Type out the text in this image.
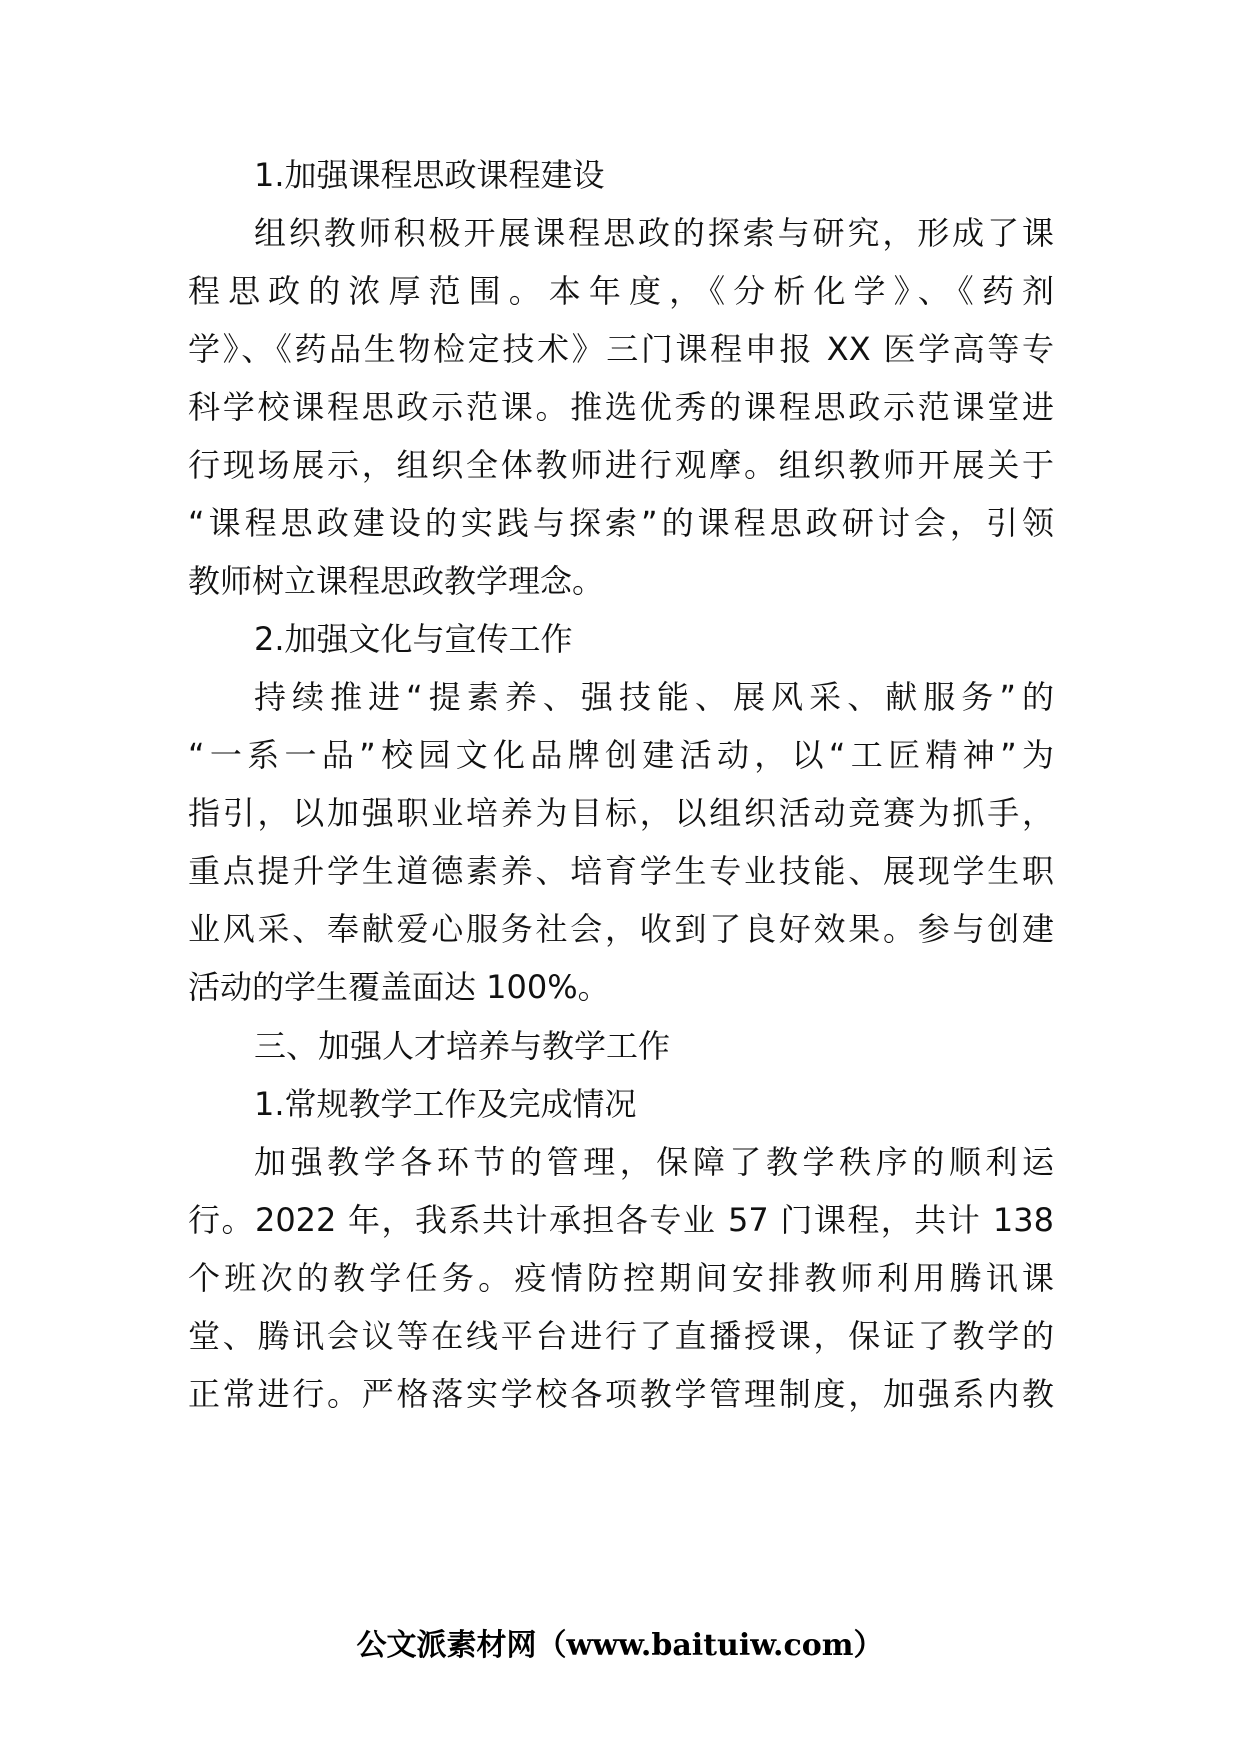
1.加强课程思政课程建设
组织教师积极开展课程思政的探索与研究，形成了课
程思政的浓厚范围。本年度，《分析化学》、《药剂
学》、《药品生物检定技术》三门课程申报 XX 医学高等专
科学校课程思政示范课。推选优秀的课程思政示范课堂进
行现场展示，组织全体教师进行观摩。组织教师开展关于
“课程思政建设的实践与探索”的课程思政研讨会，引领
教师树立课程思政教学理念。
2.加强文化与宣传工作
持续推进“提素养、强技能、展风采、献服务”的
“一系一品”校园文化品牌创建活动，以“工匠精神”为
指引，以加强职业培养为目标，以组织活动竞赛为抓手，
重点提升学生道德素养、培育学生专业技能、展现学生职
业风采、奉献爱心服务社会，收到了良好效果。参与创建
活动的学生覆盖面达 100%。
三、加强人才培养与教学工作
1.常规教学工作及完成情况
加强教学各环节的管理，保障了教学秩序的顺利运
行。2022 年，我系共计承担各专业 57 门课程，共计 138
个班次的教学任务。疫情防控期间安排教师利用腾讯课
堂、腾讯会议等在线平台进行了直播授课，保证了教学的
正常进行。严格落实学校各项教学管理制度，加强系内教
公文派素材网（www.baituiw.com）
